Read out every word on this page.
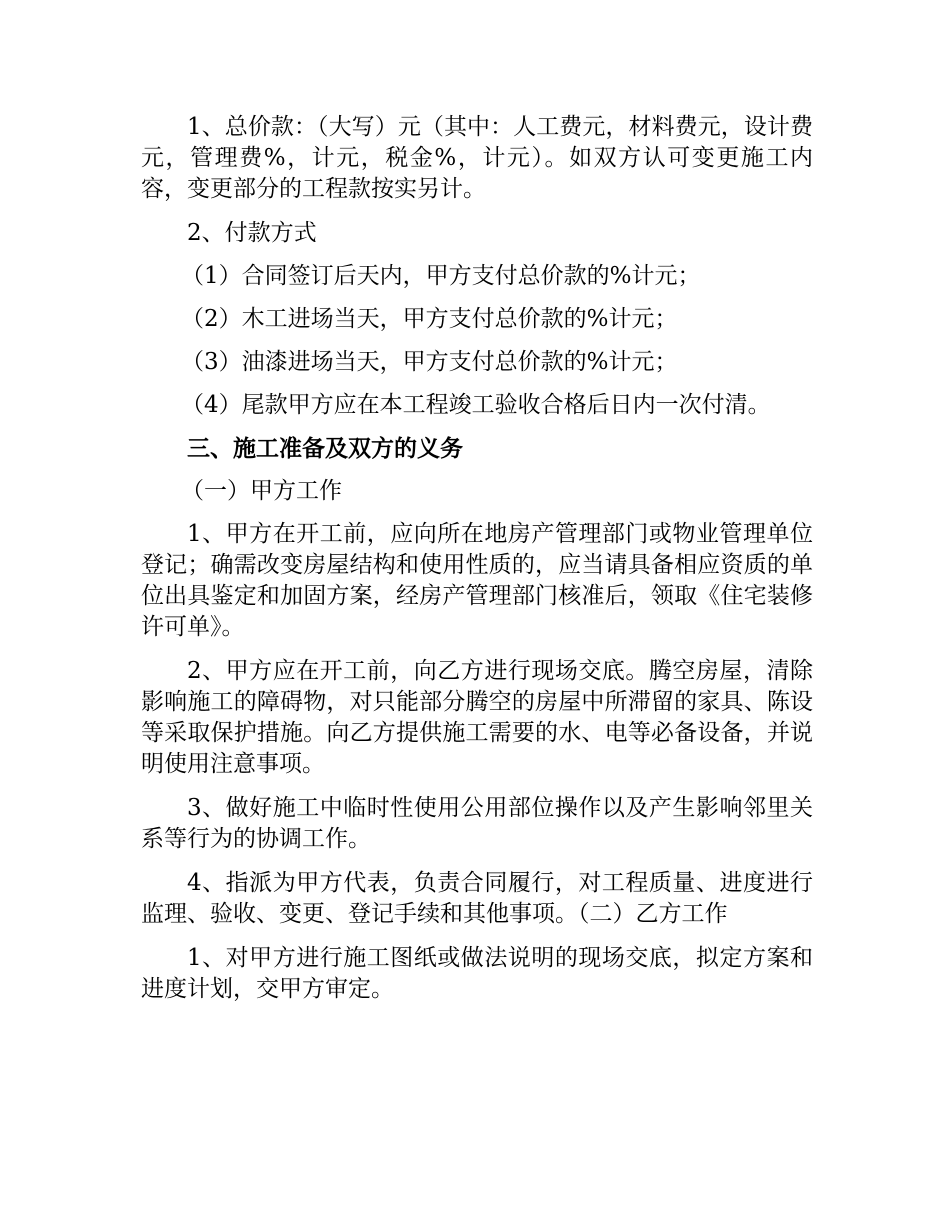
1、总价款：（大写）元（其中：人工费元，材料费元，设计费元，管理费%，计元，税金%，计元）。如双方认可变更施工内容，变更部分的工程款按实另计。

2、付款方式

（1）合同签订后天内，甲方支付总价款的%计元；

（2）木工进场当天，甲方支付总价款的%计元；

（3）油漆进场当天，甲方支付总价款的%计元；

（4）尾款甲方应在本工程竣工验收合格后日内一次付清。

三、施工准备及双方的义务

（一）甲方工作

1、甲方在开工前，应向所在地房产管理部门或物业管理单位登记；确需改变房屋结构和使用性质的，应当请具备相应资质的单位出具鉴定和加固方案，经房产管理部门核准后，领取《住宅装修许可单》。

2、甲方应在开工前，向乙方进行现场交底。腾空房屋，清除影响施工的障碍物，对只能部分腾空的房屋中所滞留的家具、陈设等采取保护措施。向乙方提供施工需要的水、电等必备设备，并说明使用注意事项。

3、做好施工中临时性使用公用部位操作以及产生影响邻里关系等行为的协调工作。

4、指派为甲方代表，负责合同履行，对工程质量、进度进行监理、验收、变更、登记手续和其他事项。（二）乙方工作

1、对甲方进行施工图纸或做法说明的现场交底，拟定方案和进度计划，交甲方审定。
